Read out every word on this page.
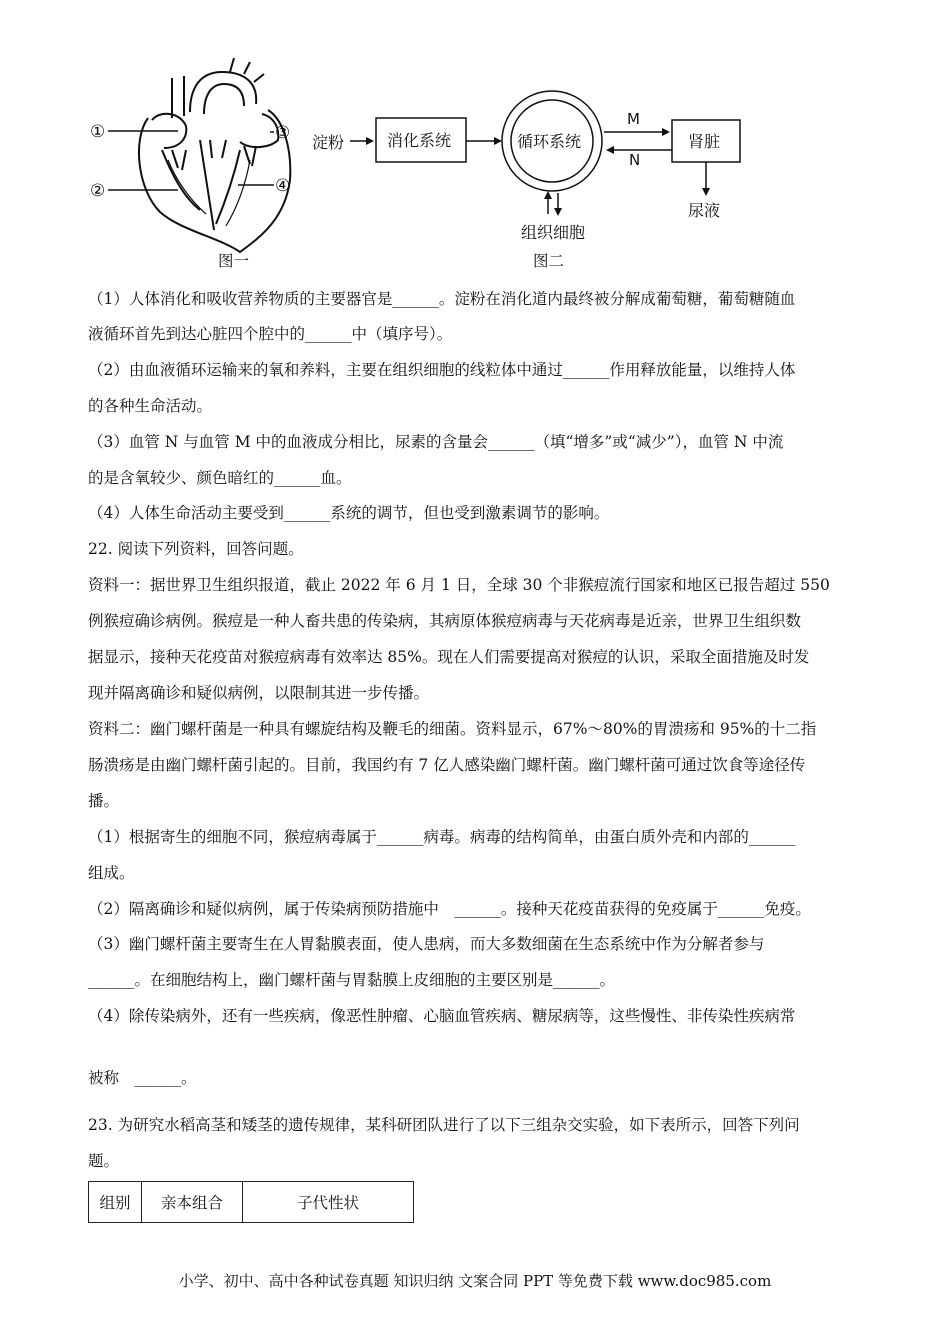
①
②
③
④
图一
淀粉	消化系统	循环系统	肾脏
M
N
尿液
组织细胞
图二
（1）人体消化和吸收营养物质的主要器官是______。淀粉在消化道内最终被分解成葡萄糖，葡萄糖随血
液循环首先到达心脏四个腔中的______中（填序号）。
（2）由血液循环运输来的氧和养料，主要在组织细胞的线粒体中通过______作用释放能量，以维持人体
的各种生命活动。
（3）血管 N 与血管 M 中的血液成分相比，尿素的含量会______（填“增多”或“减少”），血管 N 中流
的是含氧较少、颜色暗红的______血。
（4）人体生命活动主要受到______系统的调节，但也受到激素调节的影响。
22. 阅读下列资料，回答问题。
资料一：据世界卫生组织报道，截止 2022 年 6 月 1 日，全球 30 个非猴痘流行国家和地区已报告超过 550
例猴痘确诊病例。猴痘是一种人畜共患的传染病，其病原体猴痘病毒与天花病毒是近亲，世界卫生组织数
据显示，接种天花疫苗对猴痘病毒有效率达 85%。现在人们需要提高对猴痘的认识，采取全面措施及时发
现并隔离确诊和疑似病例，以限制其进一步传播。
资料二：幽门螺杆菌是一种具有螺旋结构及鞭毛的细菌。资料显示，67%～80%的胃溃疡和 95%的十二指
肠溃疡是由幽门螺杆菌引起的。目前，我国约有 7 亿人感染幽门螺杆菌。幽门螺杆菌可通过饮食等途径传
播。
（1）根据寄生的细胞不同，猴痘病毒属于______病毒。病毒的结构简单，由蛋白质外壳和内部的______
组成。
（2）隔离确诊和疑似病例，属于传染病预防措施中　______。接种天花疫苗获得的免疫属于______免疫。
（3）幽门螺杆菌主要寄生在人胃黏膜表面，使人患病，而大多数细菌在生态系统中作为分解者参与
______。在细胞结构上，幽门螺杆菌与胃黏膜上皮细胞的主要区别是______。
（4）除传染病外，还有一些疾病，像恶性肿瘤、心脑血管疾病、糖尿病等，这些慢性、非传染性疾病常
被称　______。
23. 为研究水稻高茎和矮茎的遗传规律，某科研团队进行了以下三组杂交实验，如下表所示，回答下列问
题。
组别	亲本组合	子代性状
小学、初中、高中各种试卷真题 知识归纳 文案合同 PPT 等免费下载 www.doc985.com
